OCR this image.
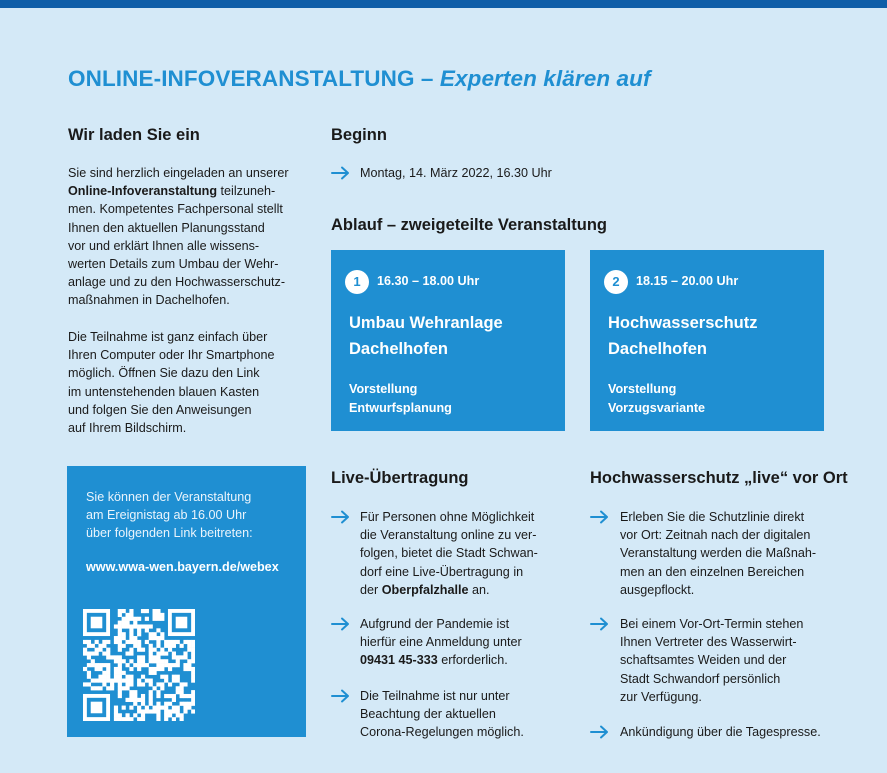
ONLINE-INFOVERANSTALTUNG – Experten klären auf
Wir laden Sie ein
Sie sind herzlich eingeladen an unserer
Online-Infoveranstaltung teilzuneh-
men. Kompetentes Fachpersonal stellt
Ihnen den aktuellen Planungsstand
vor und erklärt Ihnen alle wissens-
werten Details zum Umbau der Wehr-
anlage und zu den Hochwasserschutz-
maßnahmen in Dachelhofen.
Die Teilnahme ist ganz einfach über
Ihren Computer oder Ihr Smartphone
möglich. Öffnen Sie dazu den Link
im untenstehenden blauen Kasten
und folgen Sie den Anweisungen
auf Ihrem Bildschirm.
Sie können der Veranstaltung
am Ereignistag ab 16.00 Uhr
über folgenden Link beitreten:
www.wwa-wen.bayern.de/webex
Beginn
Montag, 14. März 2022, 16.30 Uhr
Ablauf – zweigeteilte Veranstaltung
1	16.30 – 18.00 Uhr
Umbau Wehranlage
Dachelhofen
Vorstellung
Entwurfsplanung
2	18.15 – 20.00 Uhr
Hochwasserschutz
Dachelhofen
Vorstellung
Vorzugsvariante
Live-Übertragung
Für Personen ohne Möglichkeit
die Veranstaltung online zu ver-
folgen, bietet die Stadt Schwan-
dorf eine Live-Übertragung in
der Oberpfalzhalle an.
Aufgrund der Pandemie ist
hierfür eine Anmeldung unter
09431 45-333 erforderlich.
Die Teilnahme ist nur unter
Beachtung der aktuellen
Corona-Regelungen möglich.
Hochwasserschutz „live“ vor Ort
Erleben Sie die Schutzlinie direkt
vor Ort: Zeitnah nach der digitalen
Veranstaltung werden die Maßnah-
men an den einzelnen Bereichen
ausgepflockt.
Bei einem Vor-Ort-Termin stehen
Ihnen Vertreter des Wasserwirt-
schaftsamtes Weiden und der
Stadt Schwandorf persönlich
zur Verfügung.
Ankündigung über die Tagespresse.
